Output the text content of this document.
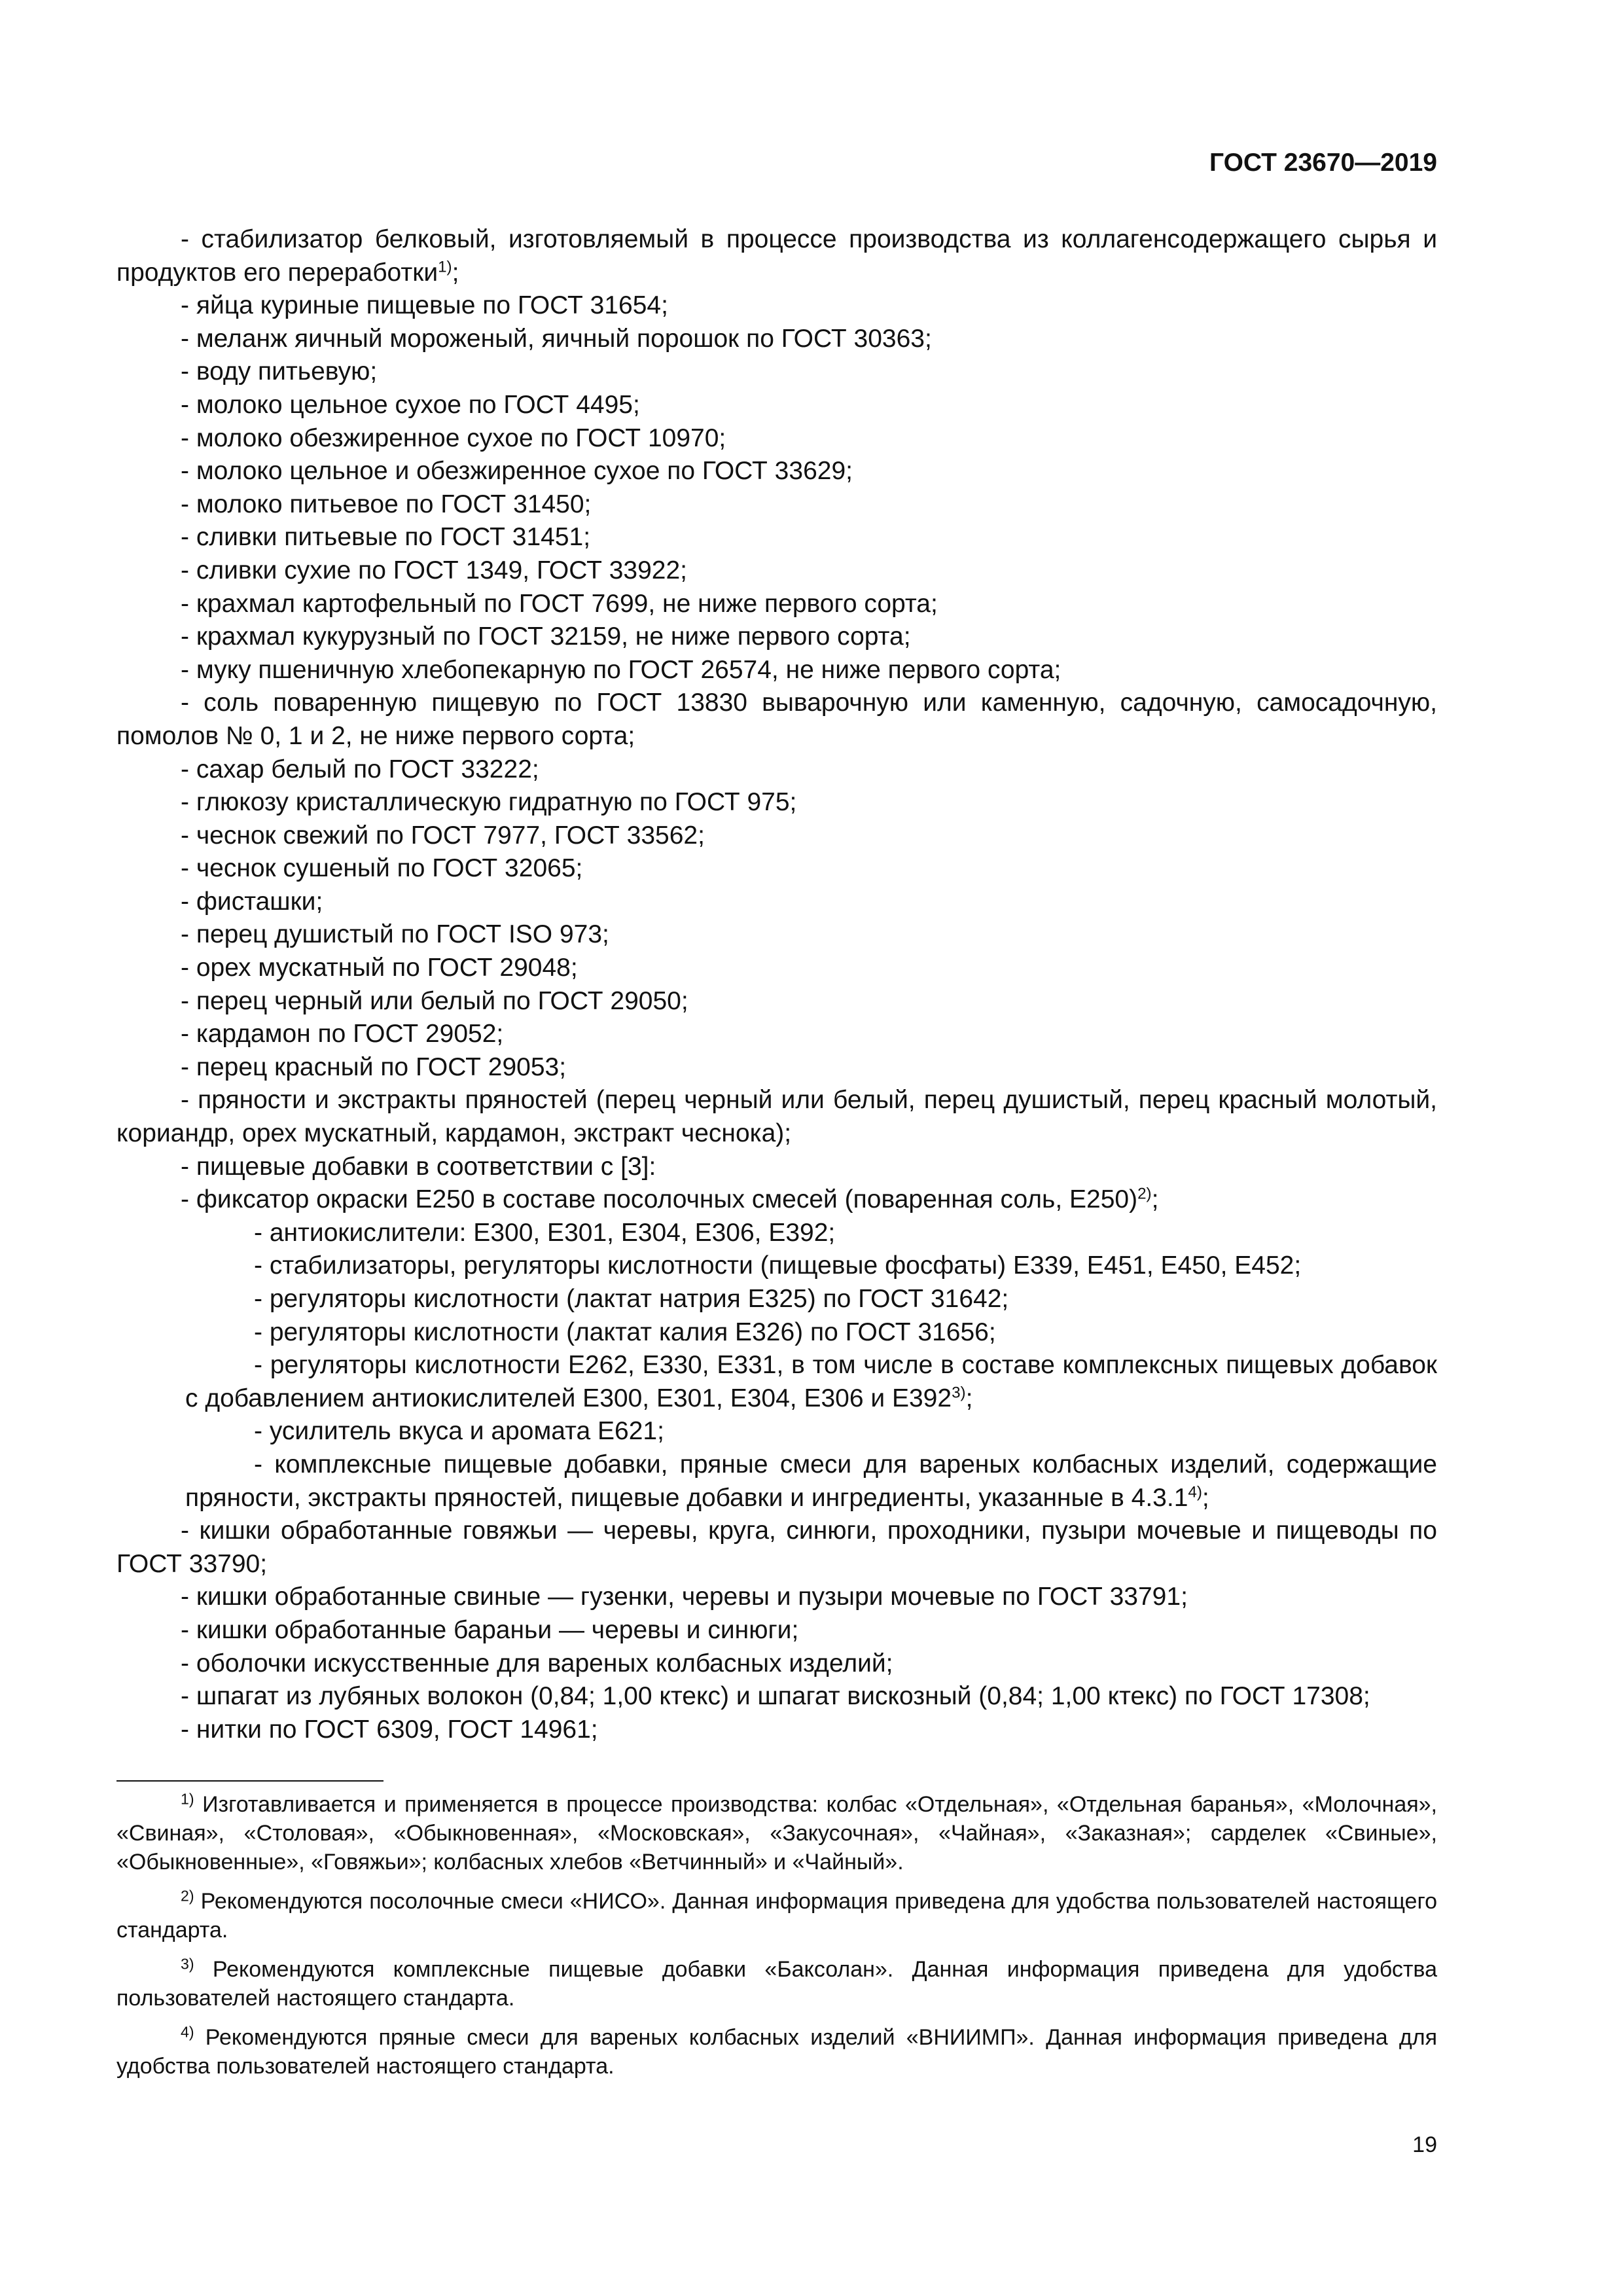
ГОСТ 23670—2019
- стабилизатор белковый, изготовляемый в процессе производства из коллагенсодержащего сырья и продуктов его переработки$^{1)}$;
- яйца куриные пищевые по ГОСТ 31654;
- меланж яичный мороженый, яичный порошок по ГОСТ 30363;
- воду питьевую;
- молоко цельное сухое по ГОСТ 4495;
- молоко обезжиренное сухое по ГОСТ 10970;
- молоко цельное и обезжиренное сухое по ГОСТ 33629;
- молоко питьевое по ГОСТ 31450;
- сливки питьевые по ГОСТ 31451;
- сливки сухие по ГОСТ 1349, ГОСТ 33922;
- крахмал картофельный по ГОСТ 7699, не ниже первого сорта;
- крахмал кукурузный по ГОСТ 32159, не ниже первого сорта;
- муку пшеничную хлебопекарную по ГОСТ 26574, не ниже первого сорта;
- соль поваренную пищевую по ГОСТ 13830 выварочную или каменную, садочную, самосадочную, помолов № 0, 1 и 2, не ниже первого сорта;
- сахар белый по ГОСТ 33222;
- глюкозу кристаллическую гидратную по ГОСТ 975;
- чеснок свежий по ГОСТ 7977, ГОСТ 33562;
- чеснок сушеный по ГОСТ 32065;
- фисташки;
- перец душистый по ГОСТ ISO 973;
- орех мускатный по ГОСТ 29048;
- перец черный или белый по ГОСТ 29050;
- кардамон по ГОСТ 29052;
- перец красный по ГОСТ 29053;
- пряности и экстракты пряностей (перец черный или белый, перец душистый, перец красный молотый, кориандр, орех мускатный, кардамон, экстракт чеснока);
- пищевые добавки в соответствии с [3]:
- фиксатор окраски Е250 в составе посолочных смесей (поваренная соль, Е250)$^{2)}$;
- антиокислители: Е300, Е301, Е304, Е306, Е392;
- стабилизаторы, регуляторы кислотности (пищевые фосфаты) Е339, Е451, Е450, Е452;
- регуляторы кислотности (лактат натрия Е325) по ГОСТ 31642;
- регуляторы кислотности (лактат калия Е326) по ГОСТ 31656;
- регуляторы кислотности Е262, Е330, Е331, в том числе в составе комплексных пищевых добавок с добавлением антиокислителей Е300, Е301, Е304, Е306 и Е392$^{3)}$;
- усилитель вкуса и аромата Е621;
- комплексные пищевые добавки, пряные смеси для вареных колбасных изделий, содержащие пряности, экстракты пряностей, пищевые добавки и ингредиенты, указанные в 4.3.1$^{4)}$;
- кишки обработанные говяжьи — черевы, круга, синюги, проходники, пузыри мочевые и пищеводы по ГОСТ 33790;
- кишки обработанные свиные — гузенки, черевы и пузыри мочевые по ГОСТ 33791;
- кишки обработанные бараньи — черевы и синюги;
- оболочки искусственные для вареных колбасных изделий;
- шпагат из лубяных волокон (0,84; 1,00 ктекс) и шпагат вискозный (0,84; 1,00 ктекс) по ГОСТ 17308;
- нитки по ГОСТ 6309, ГОСТ 14961;
$^{1)}$ Изготавливается и применяется в процессе производства: колбас «Отдельная», «Отдельная баранья», «Молочная», «Свиная», «Столовая», «Обыкновенная», «Московская», «Закусочная», «Чайная», «Заказная»; сарделек «Свиные», «Обыкновенные», «Говяжьи»; колбасных хлебов «Ветчинный» и «Чайный».
$^{2)}$ Рекомендуются посолочные смеси «НИСО». Данная информация приведена для удобства пользователей настоящего стандарта.
$^{3)}$ Рекомендуются комплексные пищевые добавки «Баксолан». Данная информация приведена для удобства пользователей настоящего стандарта.
$^{4)}$ Рекомендуются пряные смеси для вареных колбасных изделий «ВНИИМП». Данная информация приведена для удобства пользователей настоящего стандарта.
19
